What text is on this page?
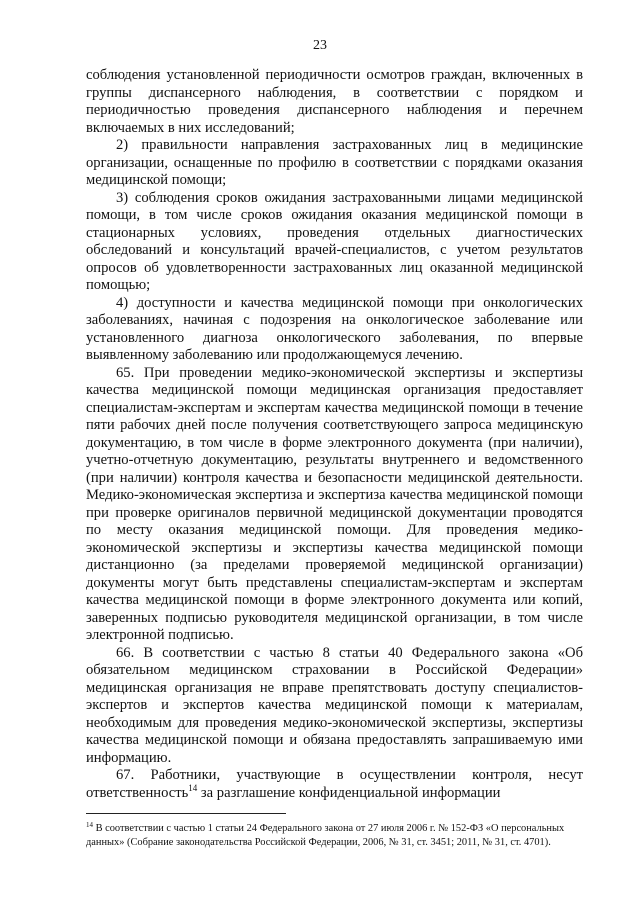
23

соблюдения установленной периодичности осмотров граждан, включенных в группы диспансерного наблюдения, в соответствии с порядком и периодичностью проведения диспансерного наблюдения и перечнем включаемых в них исследований;

2) правильности направления застрахованных лиц в медицинские организации, оснащенные по профилю в соответствии с порядками оказания медицинской помощи;

3) соблюдения сроков ожидания застрахованными лицами медицинской помощи, в том числе сроков ожидания оказания медицинской помощи в стационарных условиях, проведения отдельных диагностических обследований и консультаций врачей-специалистов, с учетом результатов опросов об удовлетворенности застрахованных лиц оказанной медицинской помощью;

4) доступности и качества медицинской помощи при онкологических заболеваниях, начиная с подозрения на онкологическое заболевание или установленного диагноза онкологического заболевания, по впервые выявленному заболеванию или продолжающемуся лечению.

65. При проведении медико-экономической экспертизы и экспертизы качества медицинской помощи медицинская организация предоставляет специалистам-экспертам и экспертам качества медицинской помощи в течение пяти рабочих дней после получения соответствующего запроса медицинскую документацию, в том числе в форме электронного документа (при наличии), учетно-отчетную документацию, результаты внутреннего и ведомственного (при наличии) контроля качества и безопасности медицинской деятельности. Медико-экономическая экспертиза и экспертиза качества медицинской помощи при проверке оригиналов первичной медицинской документации проводятся по месту оказания медицинской помощи. Для проведения медико-экономической экспертизы и экспертизы качества медицинской помощи дистанционно (за пределами проверяемой медицинской организации) документы могут быть представлены специалистам-экспертам и экспертам качества медицинской помощи в форме электронного документа или копий, заверенных подписью руководителя медицинской организации, в том числе электронной подписью.

66. В соответствии с частью 8 статьи 40 Федерального закона «Об обязательном медицинском страховании в Российской Федерации» медицинская организация не вправе препятствовать доступу специалистов-экспертов и экспертов качества медицинской помощи к материалам, необходимым для проведения медико-экономической экспертизы, экспертизы качества медицинской помощи и обязана предоставлять запрашиваемую ими информацию.

67. Работники, участвующие в осуществлении контроля, несут ответственность$^{14}$ за разглашение конфиденциальной информации

$^{14}$ В соответствии с частью 1 статьи 24 Федерального закона от 27 июля 2006 г. № 152-ФЗ «О персональных данных» (Собрание законодательства Российской Федерации, 2006, № 31, ст. 3451; 2011, № 31, ст. 4701).
